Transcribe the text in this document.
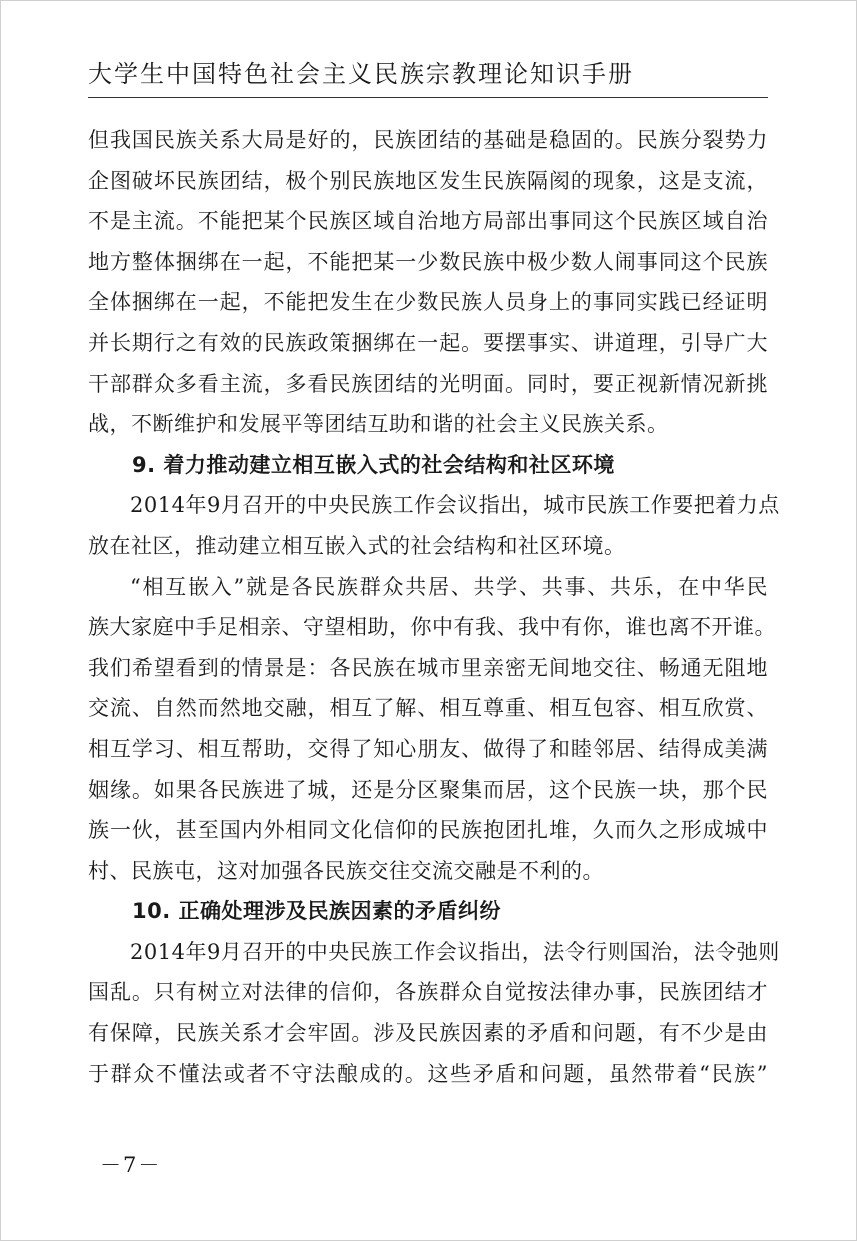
大学生中国特色社会主义民族宗教理论知识手册
但我国民族关系大局是好的，民族团结的基础是稳固的。民族分裂势力
企图破坏民族团结，极个别民族地区发生民族隔阂的现象，这是支流，
不是主流。不能把某个民族区域自治地方局部出事同这个民族区域自治
地方整体捆绑在一起，不能把某一少数民族中极少数人闹事同这个民族
全体捆绑在一起，不能把发生在少数民族人员身上的事同实践已经证明
并长期行之有效的民族政策捆绑在一起。要摆事实、讲道理，引导广大
干部群众多看主流，多看民族团结的光明面。同时，要正视新情况新挑
战，不断维护和发展平等团结互助和谐的社会主义民族关系。
9. 着力推动建立相互嵌入式的社会结构和社区环境
2014年9月召开的中央民族工作会议指出，城市民族工作要把着力点
放在社区，推动建立相互嵌入式的社会结构和社区环境。
“相互嵌入”就是各民族群众共居、共学、共事、共乐，在中华民
族大家庭中手足相亲、守望相助，你中有我、我中有你，谁也离不开谁。
我们希望看到的情景是：各民族在城市里亲密无间地交往、畅通无阻地
交流、自然而然地交融，相互了解、相互尊重、相互包容、相互欣赏、
相互学习、相互帮助，交得了知心朋友、做得了和睦邻居、结得成美满
姻缘。如果各民族进了城，还是分区聚集而居，这个民族一块，那个民
族一伙，甚至国内外相同文化信仰的民族抱团扎堆，久而久之形成城中
村、民族屯，这对加强各民族交往交流交融是不利的。
10. 正确处理涉及民族因素的矛盾纠纷
2014年9月召开的中央民族工作会议指出，法令行则国治，法令弛则
国乱。只有树立对法律的信仰，各族群众自觉按法律办事，民族团结才
有保障，民族关系才会牢固。涉及民族因素的矛盾和问题，有不少是由
于群众不懂法或者不守法酿成的。这些矛盾和问题，虽然带着“民族”
－7－
